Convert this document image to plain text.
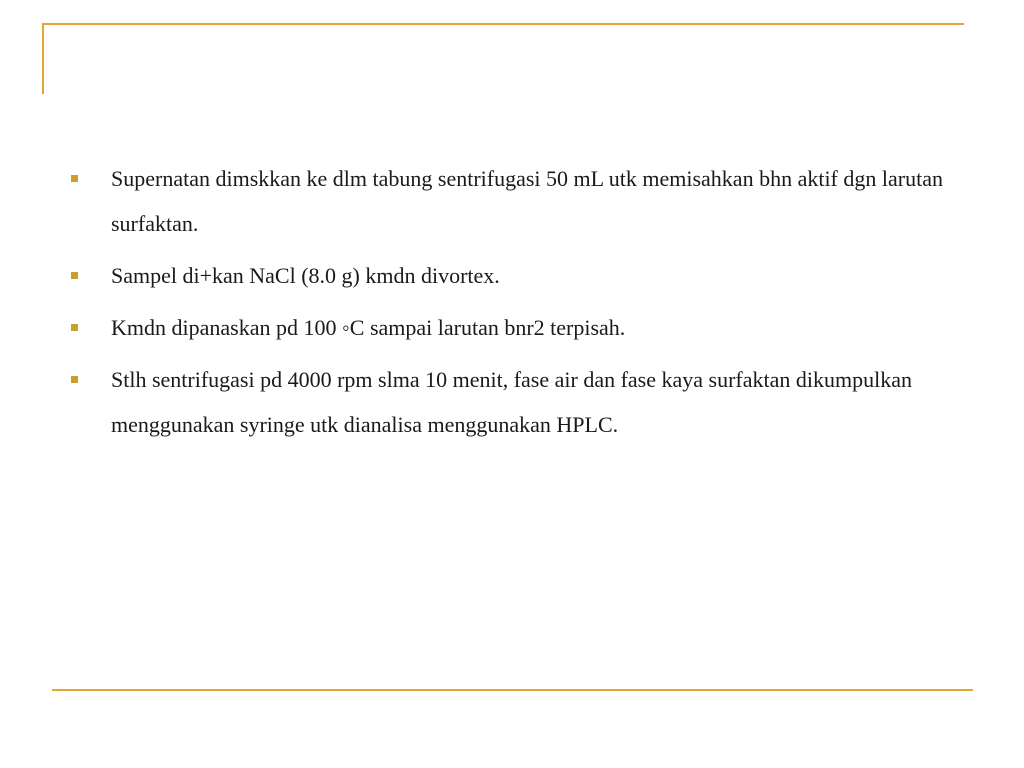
Supernatan dimskkan ke dlm tabung sentrifugasi 50 mL utk memisahkan bhn aktif dgn larutan surfaktan.
Sampel di+kan NaCl (8.0 g) kmdn divortex.
Kmdn dipanaskan pd 100 ◦C sampai larutan bnr2 terpisah.
Stlh sentrifugasi pd 4000 rpm slma 10 menit, fase air dan fase kaya surfaktan dikumpulkan menggunakan syringe utk dianalisa menggunakan HPLC.
